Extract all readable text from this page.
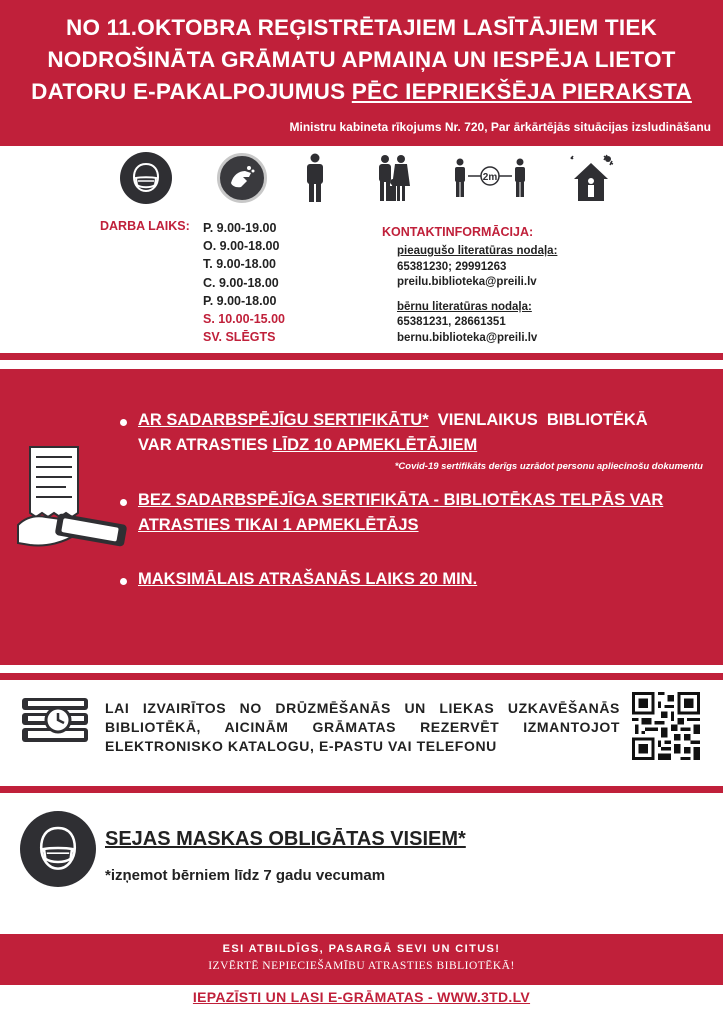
NO 11.OKTOBRA REĢISTRĒTAJIEM LASĪTĀJIEM TIEK
NODROŠINĀTA GRĀMATU APMAIŅA UN IESPĒJA LIETOT
DATORU E-PAKALPOJUMUS PĒC IEPRIEKŠĒJA PIERAKSTA
Ministru kabineta rīkojums Nr. 720, Par ārkārtējās situācijas izsludināšanu
2m
DARBA LAIKS: P. 9.00-19.00
O. 9.00-18.00
T. 9.00-18.00
C. 9.00-18.00
P. 9.00-18.00
S. 10.00-15.00
SV. SLĒGTS
KONTAKTINFORMĀCIJA:
pieaugušo literatūras nodaļa:
65381230; 29991263
preilu.biblioteka@preili.lv
bērnu literatūras nodaļa:
65381231, 28661351
bernu.biblioteka@preili.lv
AR SADARBSPĒJĪGU SERTIFIKĀTU*  VIENLAIKUS  BIBLIOTĒKĀ
VAR ATRASTIES LĪDZ 10 APMEKLĒTĀJIEM
*Covid-19 sertifikāts derīgs uzrādot personu apliecinošu dokumentu
BEZ SADARBSPĒJĪGA SERTIFIKĀTA - BIBLIOTĒKAS TELPĀS VAR
ATRASTIES TIKAI 1 APMEKLĒTĀJS
MAKSIMĀLAIS ATRAŠANĀS LAIKS 20 MIN.
LAI IZVAIRĪTOS NO DRŪZMĒŠANĀS UN LIEKAS UZKAVĒŠANĀS BIBLIOTĒKĀ, AICINĀM GRĀMATAS REZERVĒT IZMANTOJOT ELEKTRONISKO KATALOGU, E-PASTU VAI TELEFONU
SEJAS MASKAS OBLIGĀTAS VISIEM*
*izņemot bērniem līdz 7 gadu vecumam
ESI ATBILDĪGS, PASARGĀ SEVI UN CITUS!
IZVĒRTĒ NEPIECIEŠAMĪBU ATRASTIES BIBLIOTĒKĀ!
IEPAZĪSTI UN LASI E-GRĀMATAS - WWW.3TD.LV
